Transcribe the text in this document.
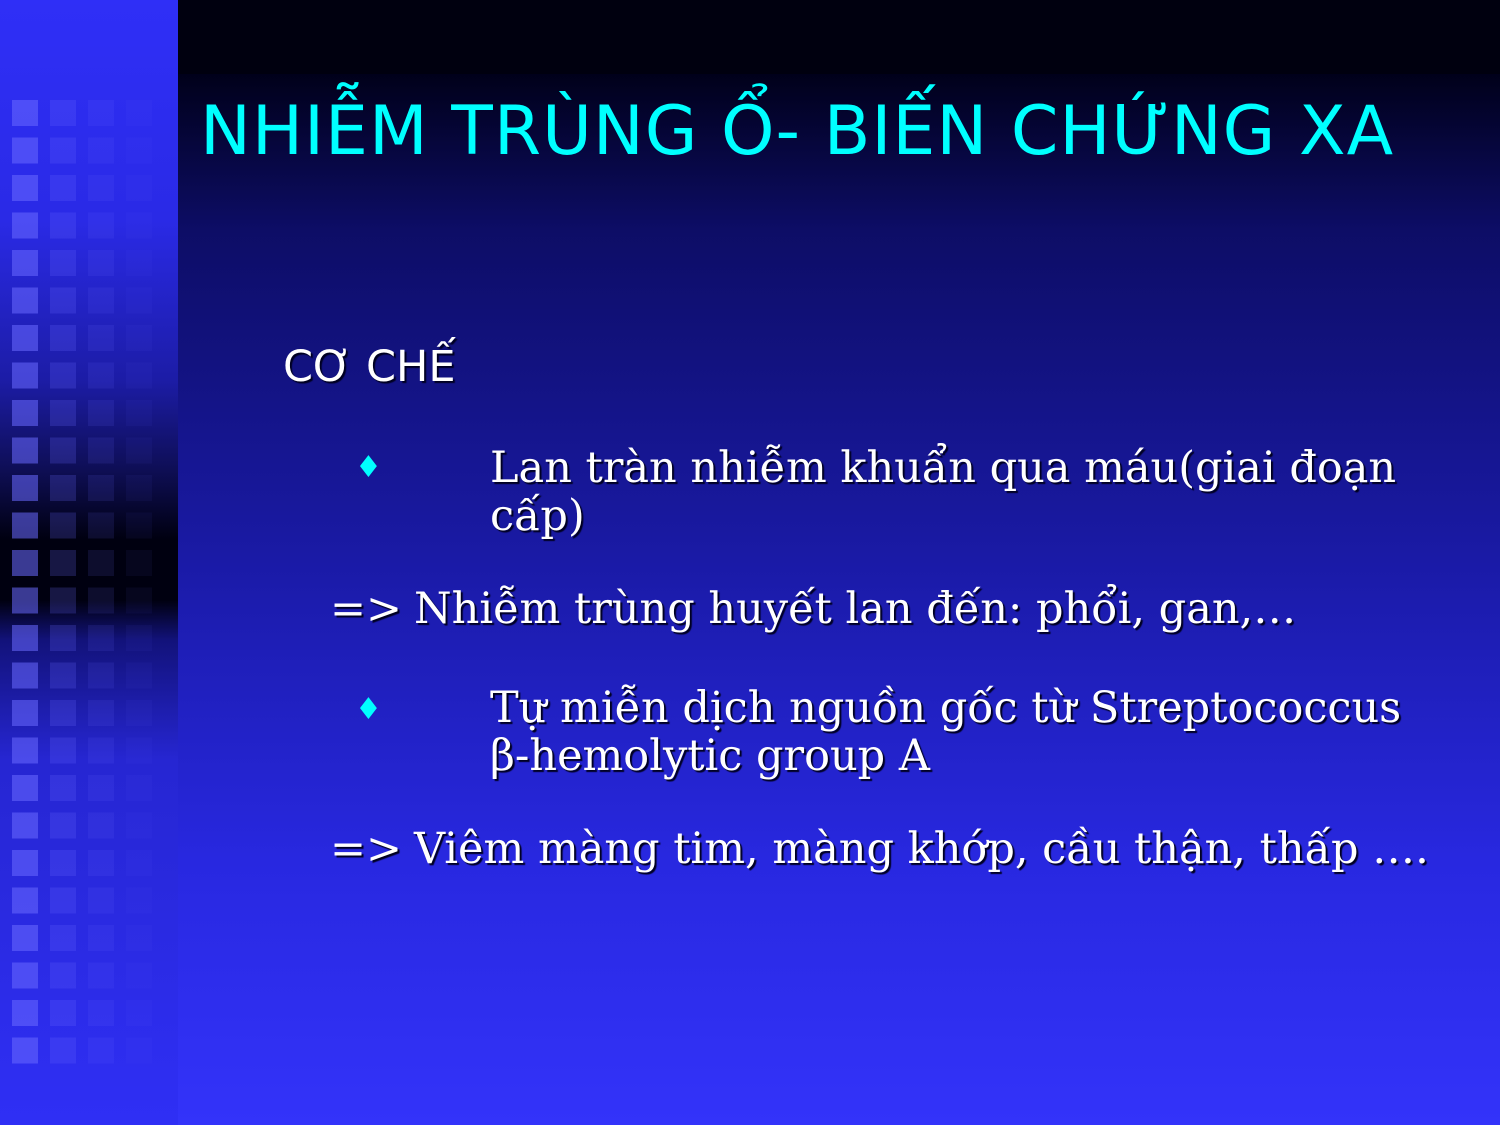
NHIỄM TRÙNG Ổ- BIẾN CHỨNG XA
CƠ CHẾ
♦	Lan tràn nhiễm khuẩn qua máu(giai đoạn cấp)
=> Nhiễm trùng huyết lan đến: phổi, gan,…
♦	Tự miễn dịch nguồn gốc từ Streptococcus β-hemolytic group A
=> Viêm màng tim, màng khớp, cầu thận, thấp ….
